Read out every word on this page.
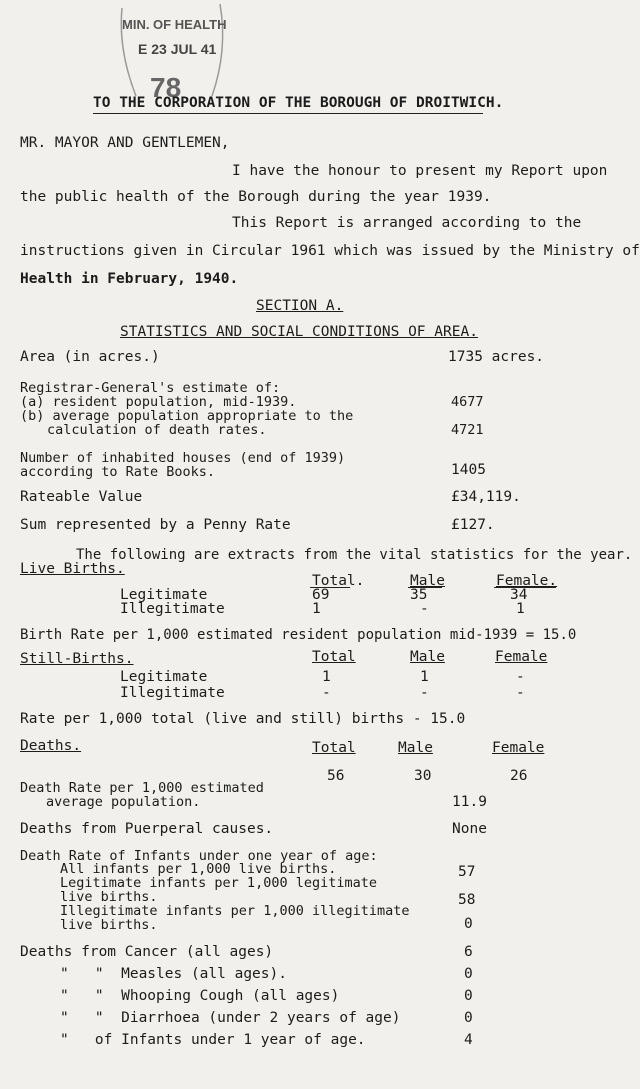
MIN. OF HEALTH
E 23 JUL 41
78
TO THE CORPORATION OF THE BOROUGH OF DROITWICH.
MR. MAYOR AND GENTLEMEN,
I have the honour to present my Report upon
the public health of the Borough during the year 1939.
This Report is arranged according to the
instructions given in Circular 1961 which was issued by the Ministry of
Health in February, 1940.
SECTION A.
STATISTICS AND SOCIAL CONDITIONS OF AREA.
Area (in acres.)	1735 acres.
Registrar-General's estimate of:
(a) resident population, mid-1939.	4677
(b) average population appropriate to the
calculation of death rates.	4721
Number of inhabited houses (end of 1939)
according to Rate Books.	1405
Rateable Value	£34,119.
Sum represented by a Penny Rate	£127.
The following are extracts from the vital statistics for the year.
Live Births.
Total.	Male	Female.
Legitimate	69	35	34
Illegitimate	1	-	1
Birth Rate per 1,000 estimated resident population mid-1939 = 15.0
Still-Births.	Total	Male	Female
Legitimate	1	1	-
Illegitimate	-	-	-
Rate per 1,000 total (live and still) births - 15.0
Deaths.	Total	Male	Female
56	30	26
Death Rate per 1,000 estimated
average population.	11.9
Deaths from Puerperal causes.	None
Death Rate of Infants under one year of age:
All infants per 1,000 live births.	57
Legitimate infants per 1,000 legitimate
live births.	58
Illegitimate infants per 1,000 illegitimate
live births.	0
Deaths from Cancer (all ages)	6
"   "  Measles (all ages).	0
"   "  Whooping Cough (all ages)	0
"   "  Diarrhoea (under 2 years of age)	0
"   of Infants under 1 year of age.	4
